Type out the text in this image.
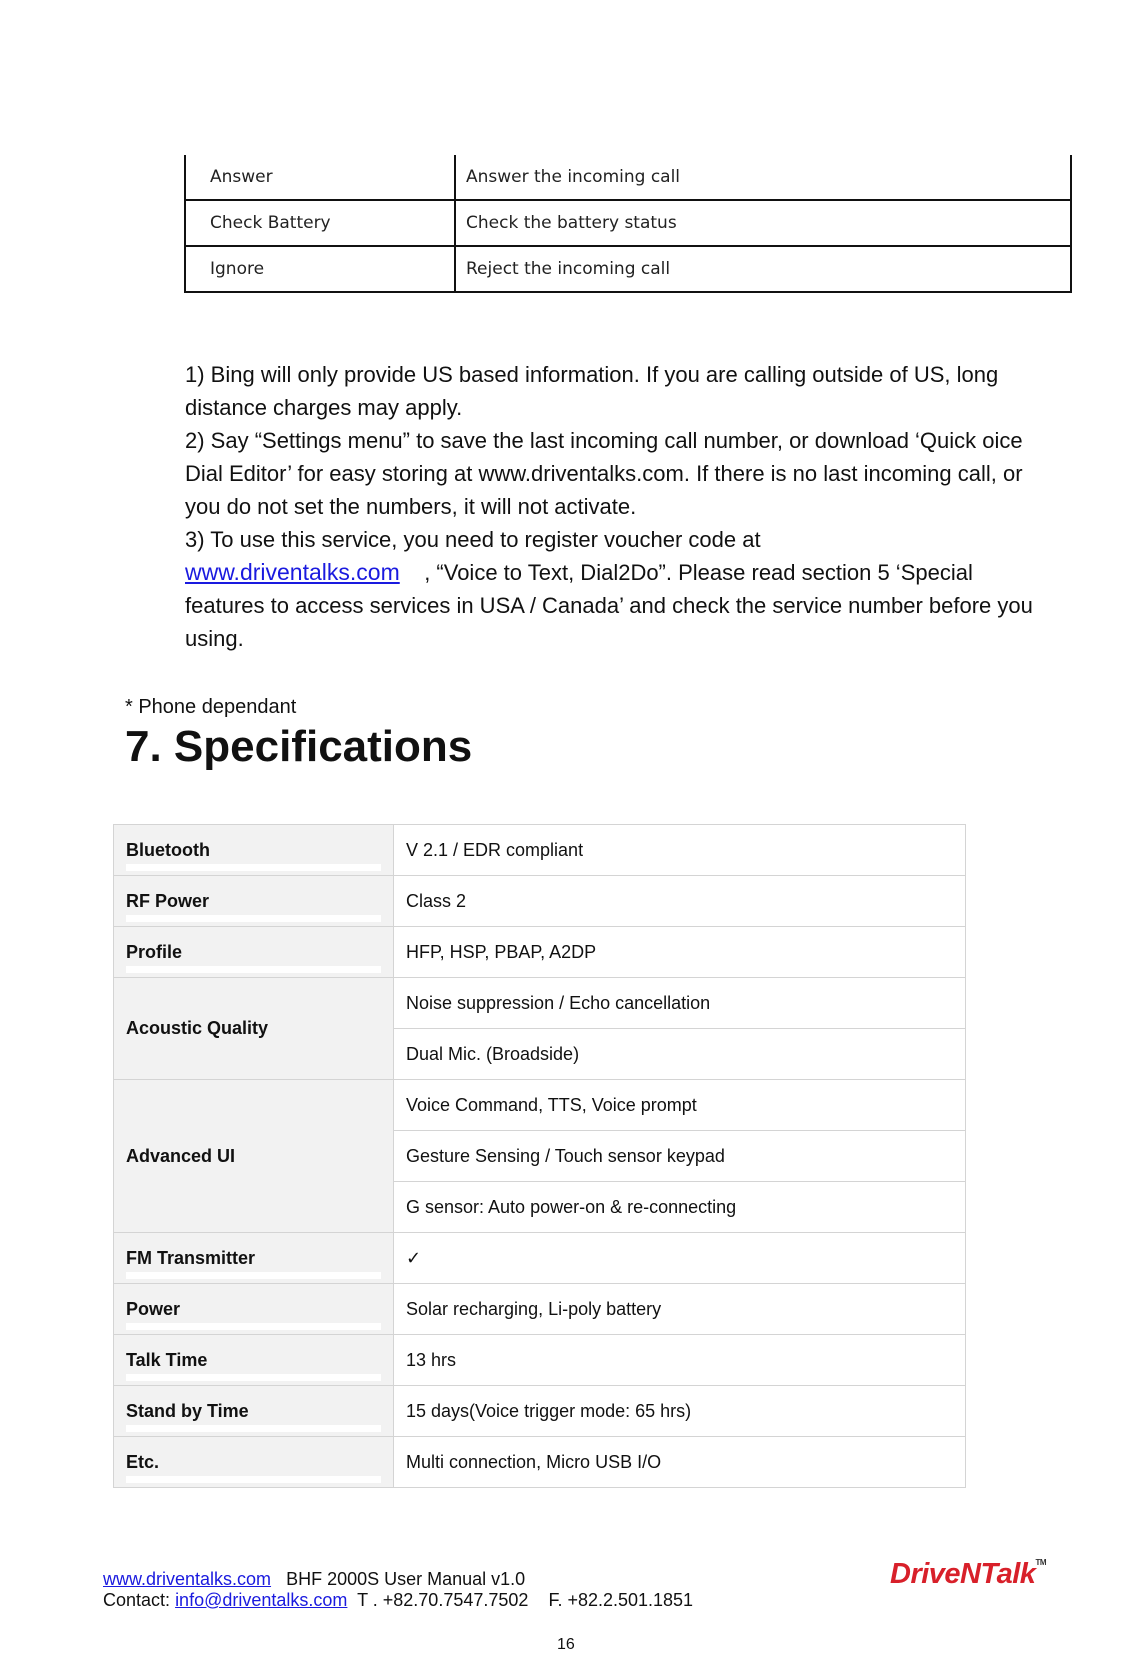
Answer	Answer the incoming call
Check Battery	Check the battery status
Ignore	Reject the incoming call

1) Bing will only provide US based information. If you are calling outside of US, long distance charges may apply.

2) Say “Settings menu” to save the last incoming call number, or download ‘Quick oice Dial Editor’ for easy storing at www.driventalks.com. If there is no last incoming call, or you do not set the numbers, it will not activate.

3) To use this service, you need to register voucher code at

www.driventalks.com , “Voice to Text, Dial2Do”. Please read section 5 ‘Special features to access services in USA / Canada’ and check the service number before you using.

* Phone dependant
7. Specifications
Bluetooth	V 2.1 / EDR compliant
RF Power	Class 2
Profile	HFP, HSP, PBAP, A2DP
Acoustic Quality	Noise suppression / Echo cancellation
	Dual Mic. (Broadside)
Advanced UI	Voice Command, TTS, Voice prompt
	Gesture Sensing / Touch sensor keypad
	G sensor: Auto power-on & re-connecting
FM Transmitter	✓
Power	Solar recharging, Li-poly battery
Talk Time	13 hrs
Stand by Time	15 days(Voice trigger mode: 65 hrs)
Etc.	Multi connection, Micro USB I/O
www.driventalks.com BHF 2000S User Manual v1.0
Contact: info@driventalks.com T . +82.70.7547.7502 F. +82.2.501.1851
DriveNTalk™
16
